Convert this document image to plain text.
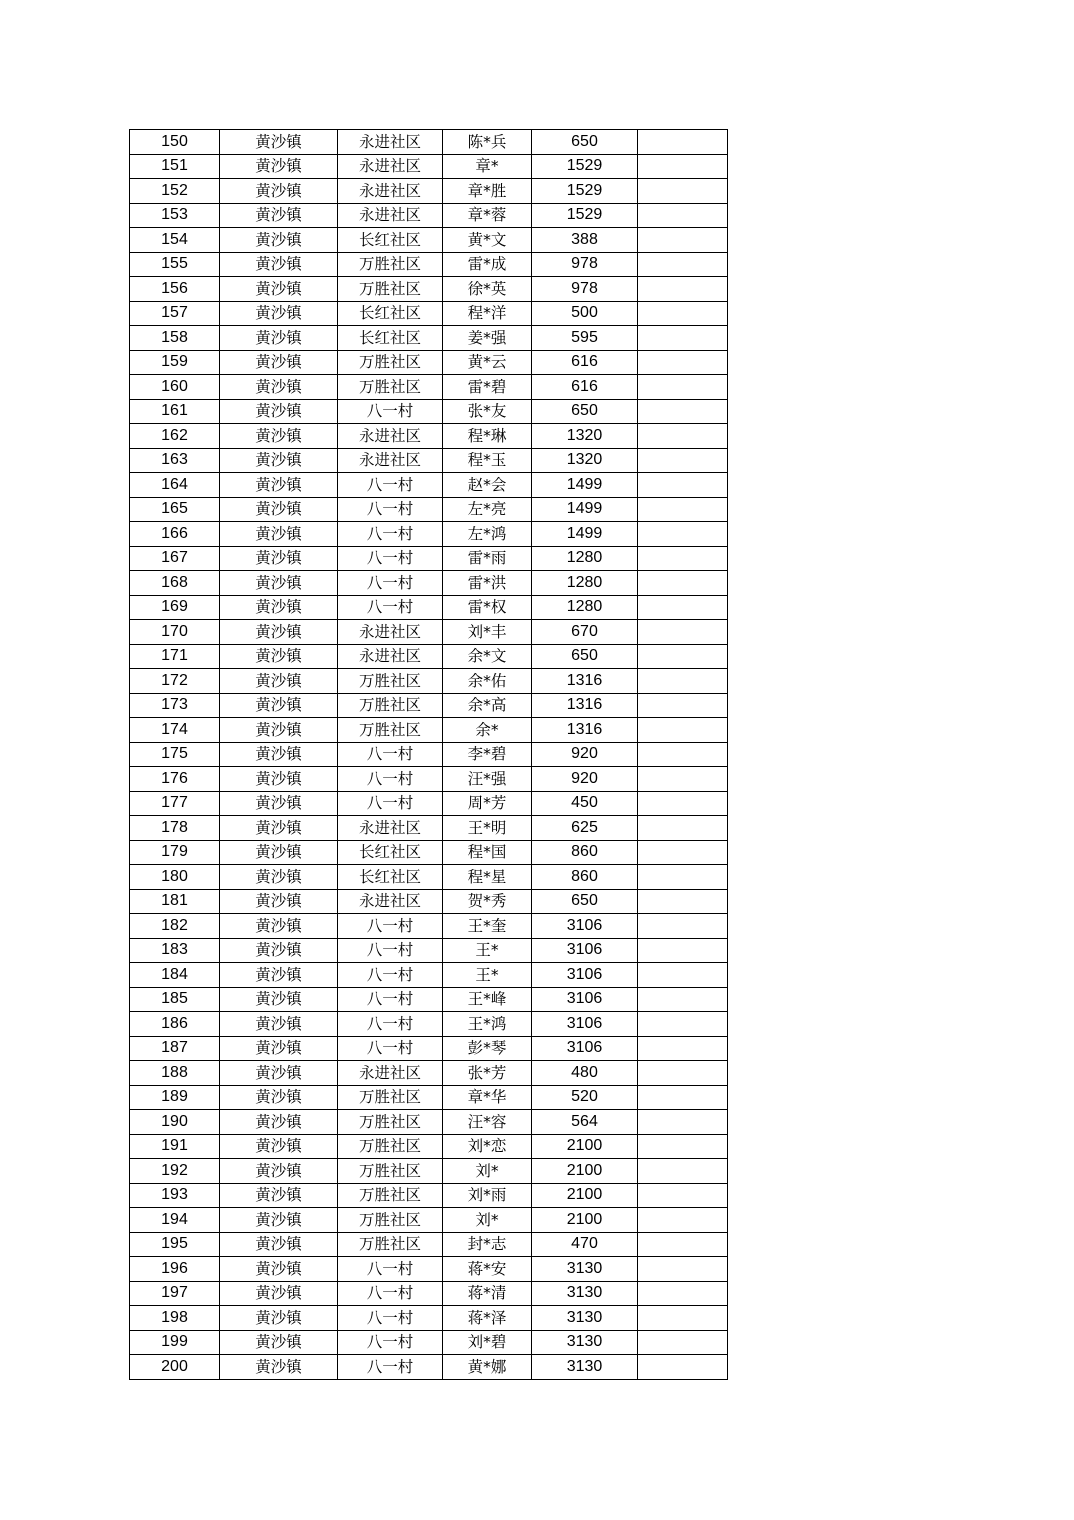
150	黄沙镇	永进社区	陈*兵	650	
151	黄沙镇	永进社区	章*	1529	
152	黄沙镇	永进社区	章*胜	1529	
153	黄沙镇	永进社区	章*蓉	1529	
154	黄沙镇	长红社区	黄*文	388	
155	黄沙镇	万胜社区	雷*成	978	
156	黄沙镇	万胜社区	徐*英	978	
157	黄沙镇	长红社区	程*洋	500	
158	黄沙镇	长红社区	姜*强	595	
159	黄沙镇	万胜社区	黄*云	616	
160	黄沙镇	万胜社区	雷*碧	616	
161	黄沙镇	八一村	张*友	650	
162	黄沙镇	永进社区	程*琳	1320	
163	黄沙镇	永进社区	程*玉	1320	
164	黄沙镇	八一村	赵*会	1499	
165	黄沙镇	八一村	左*亮	1499	
166	黄沙镇	八一村	左*鸿	1499	
167	黄沙镇	八一村	雷*雨	1280	
168	黄沙镇	八一村	雷*洪	1280	
169	黄沙镇	八一村	雷*权	1280	
170	黄沙镇	永进社区	刘*丰	670	
171	黄沙镇	永进社区	余*文	650	
172	黄沙镇	万胜社区	余*佑	1316	
173	黄沙镇	万胜社区	余*高	1316	
174	黄沙镇	万胜社区	余*	1316	
175	黄沙镇	八一村	李*碧	920	
176	黄沙镇	八一村	汪*强	920	
177	黄沙镇	八一村	周*芳	450	
178	黄沙镇	永进社区	王*明	625	
179	黄沙镇	长红社区	程*国	860	
180	黄沙镇	长红社区	程*星	860	
181	黄沙镇	永进社区	贺*秀	650	
182	黄沙镇	八一村	王*奎	3106	
183	黄沙镇	八一村	王*	3106	
184	黄沙镇	八一村	王*	3106	
185	黄沙镇	八一村	王*峰	3106	
186	黄沙镇	八一村	王*鸿	3106	
187	黄沙镇	八一村	彭*琴	3106	
188	黄沙镇	永进社区	张*芳	480	
189	黄沙镇	万胜社区	章*华	520	
190	黄沙镇	万胜社区	汪*容	564	
191	黄沙镇	万胜社区	刘*恋	2100	
192	黄沙镇	万胜社区	刘*	2100	
193	黄沙镇	万胜社区	刘*雨	2100	
194	黄沙镇	万胜社区	刘*	2100	
195	黄沙镇	万胜社区	封*志	470	
196	黄沙镇	八一村	蒋*安	3130	
197	黄沙镇	八一村	蒋*清	3130	
198	黄沙镇	八一村	蒋*泽	3130	
199	黄沙镇	八一村	刘*碧	3130	
200	黄沙镇	八一村	黄*娜	3130	
